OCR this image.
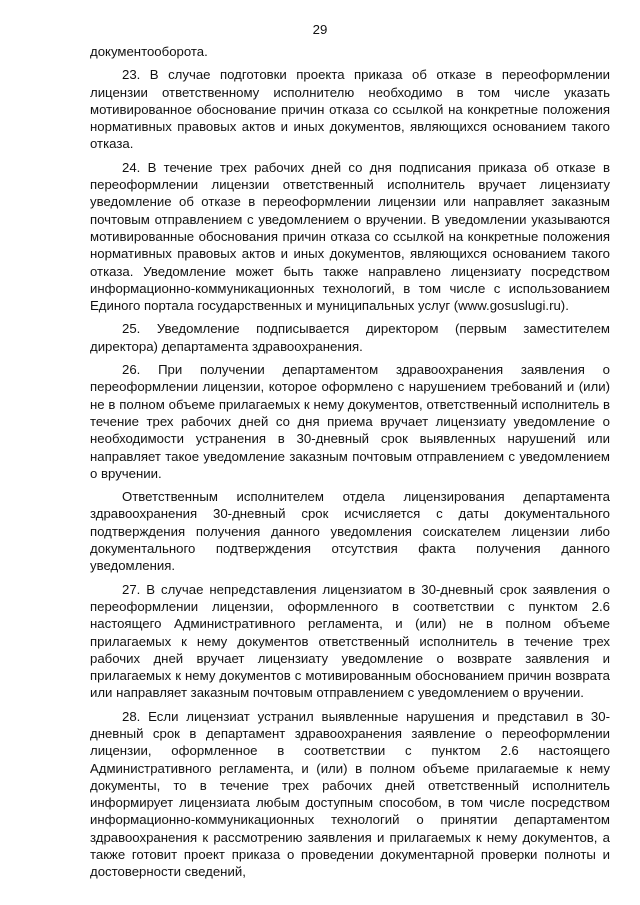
29

документооборота.

23. В случае подготовки проекта приказа об отказе в переоформлении лицензии ответственному исполнителю необходимо в том числе указать мотивированное обоснование причин отказа со ссылкой на конкретные положения нормативных правовых актов и иных документов, являющихся основанием такого отказа.

24. В течение трех рабочих дней со дня подписания приказа об отказе в переоформлении лицензии ответственный исполнитель вручает лицензиату уведомление об отказе в переоформлении лицензии или направляет заказным почтовым отправлением с уведомлением о вручении. В уведомлении указываются мотивированные обоснования причин отказа со ссылкой на конкретные положения нормативных правовых актов и иных документов, являющихся основанием такого отказа. Уведомление может быть также направлено лицензиату посредством информационно-коммуникационных технологий, в том числе с использованием Единого портала государственных и муниципальных услуг (www.gosuslugi.ru).

25. Уведомление подписывается директором (первым заместителем директора) департамента здравоохранения.

26. При получении департаментом здравоохранения заявления о переоформлении лицензии, которое оформлено с нарушением требований и (или) не в полном объеме прилагаемых к нему документов, ответственный исполнитель в течение трех рабочих дней со дня приема вручает лицензиату уведомление о необходимости устранения в 30-дневный срок выявленных нарушений или направляет такое уведомление заказным почтовым отправлением с уведомлением о вручении.

Ответственным исполнителем отдела лицензирования департамента здравоохранения 30-дневный срок исчисляется с даты документального подтверждения получения данного уведомления соискателем лицензии либо документального подтверждения отсутствия факта получения данного уведомления.

27. В случае непредставления лицензиатом в 30-дневный срок заявления о переоформлении лицензии, оформленного в соответствии с пунктом 2.6 настоящего Административного регламента, и (или) не в полном объеме прилагаемых к нему документов ответственный исполнитель в течение трех рабочих дней вручает лицензиату уведомление о возврате заявления и прилагаемых к нему документов с мотивированным обоснованием причин возврата или направляет заказным почтовым отправлением с уведомлением о вручении.

28. Если лицензиат устранил выявленные нарушения и представил в 30-дневный срок в департамент здравоохранения заявление о переоформлении лицензии, оформленное в соответствии с пунктом 2.6 настоящего Административного регламента, и (или) в полном объеме прилагаемые к нему документы, то в течение трех рабочих дней ответственный исполнитель информирует лицензиата любым доступным способом, в том числе посредством информационно-коммуникационных технологий о принятии департаментом здравоохранения к рассмотрению заявления и прилагаемых к нему документов, а также готовит проект приказа о проведении документарной проверки полноты и достоверности сведений,
